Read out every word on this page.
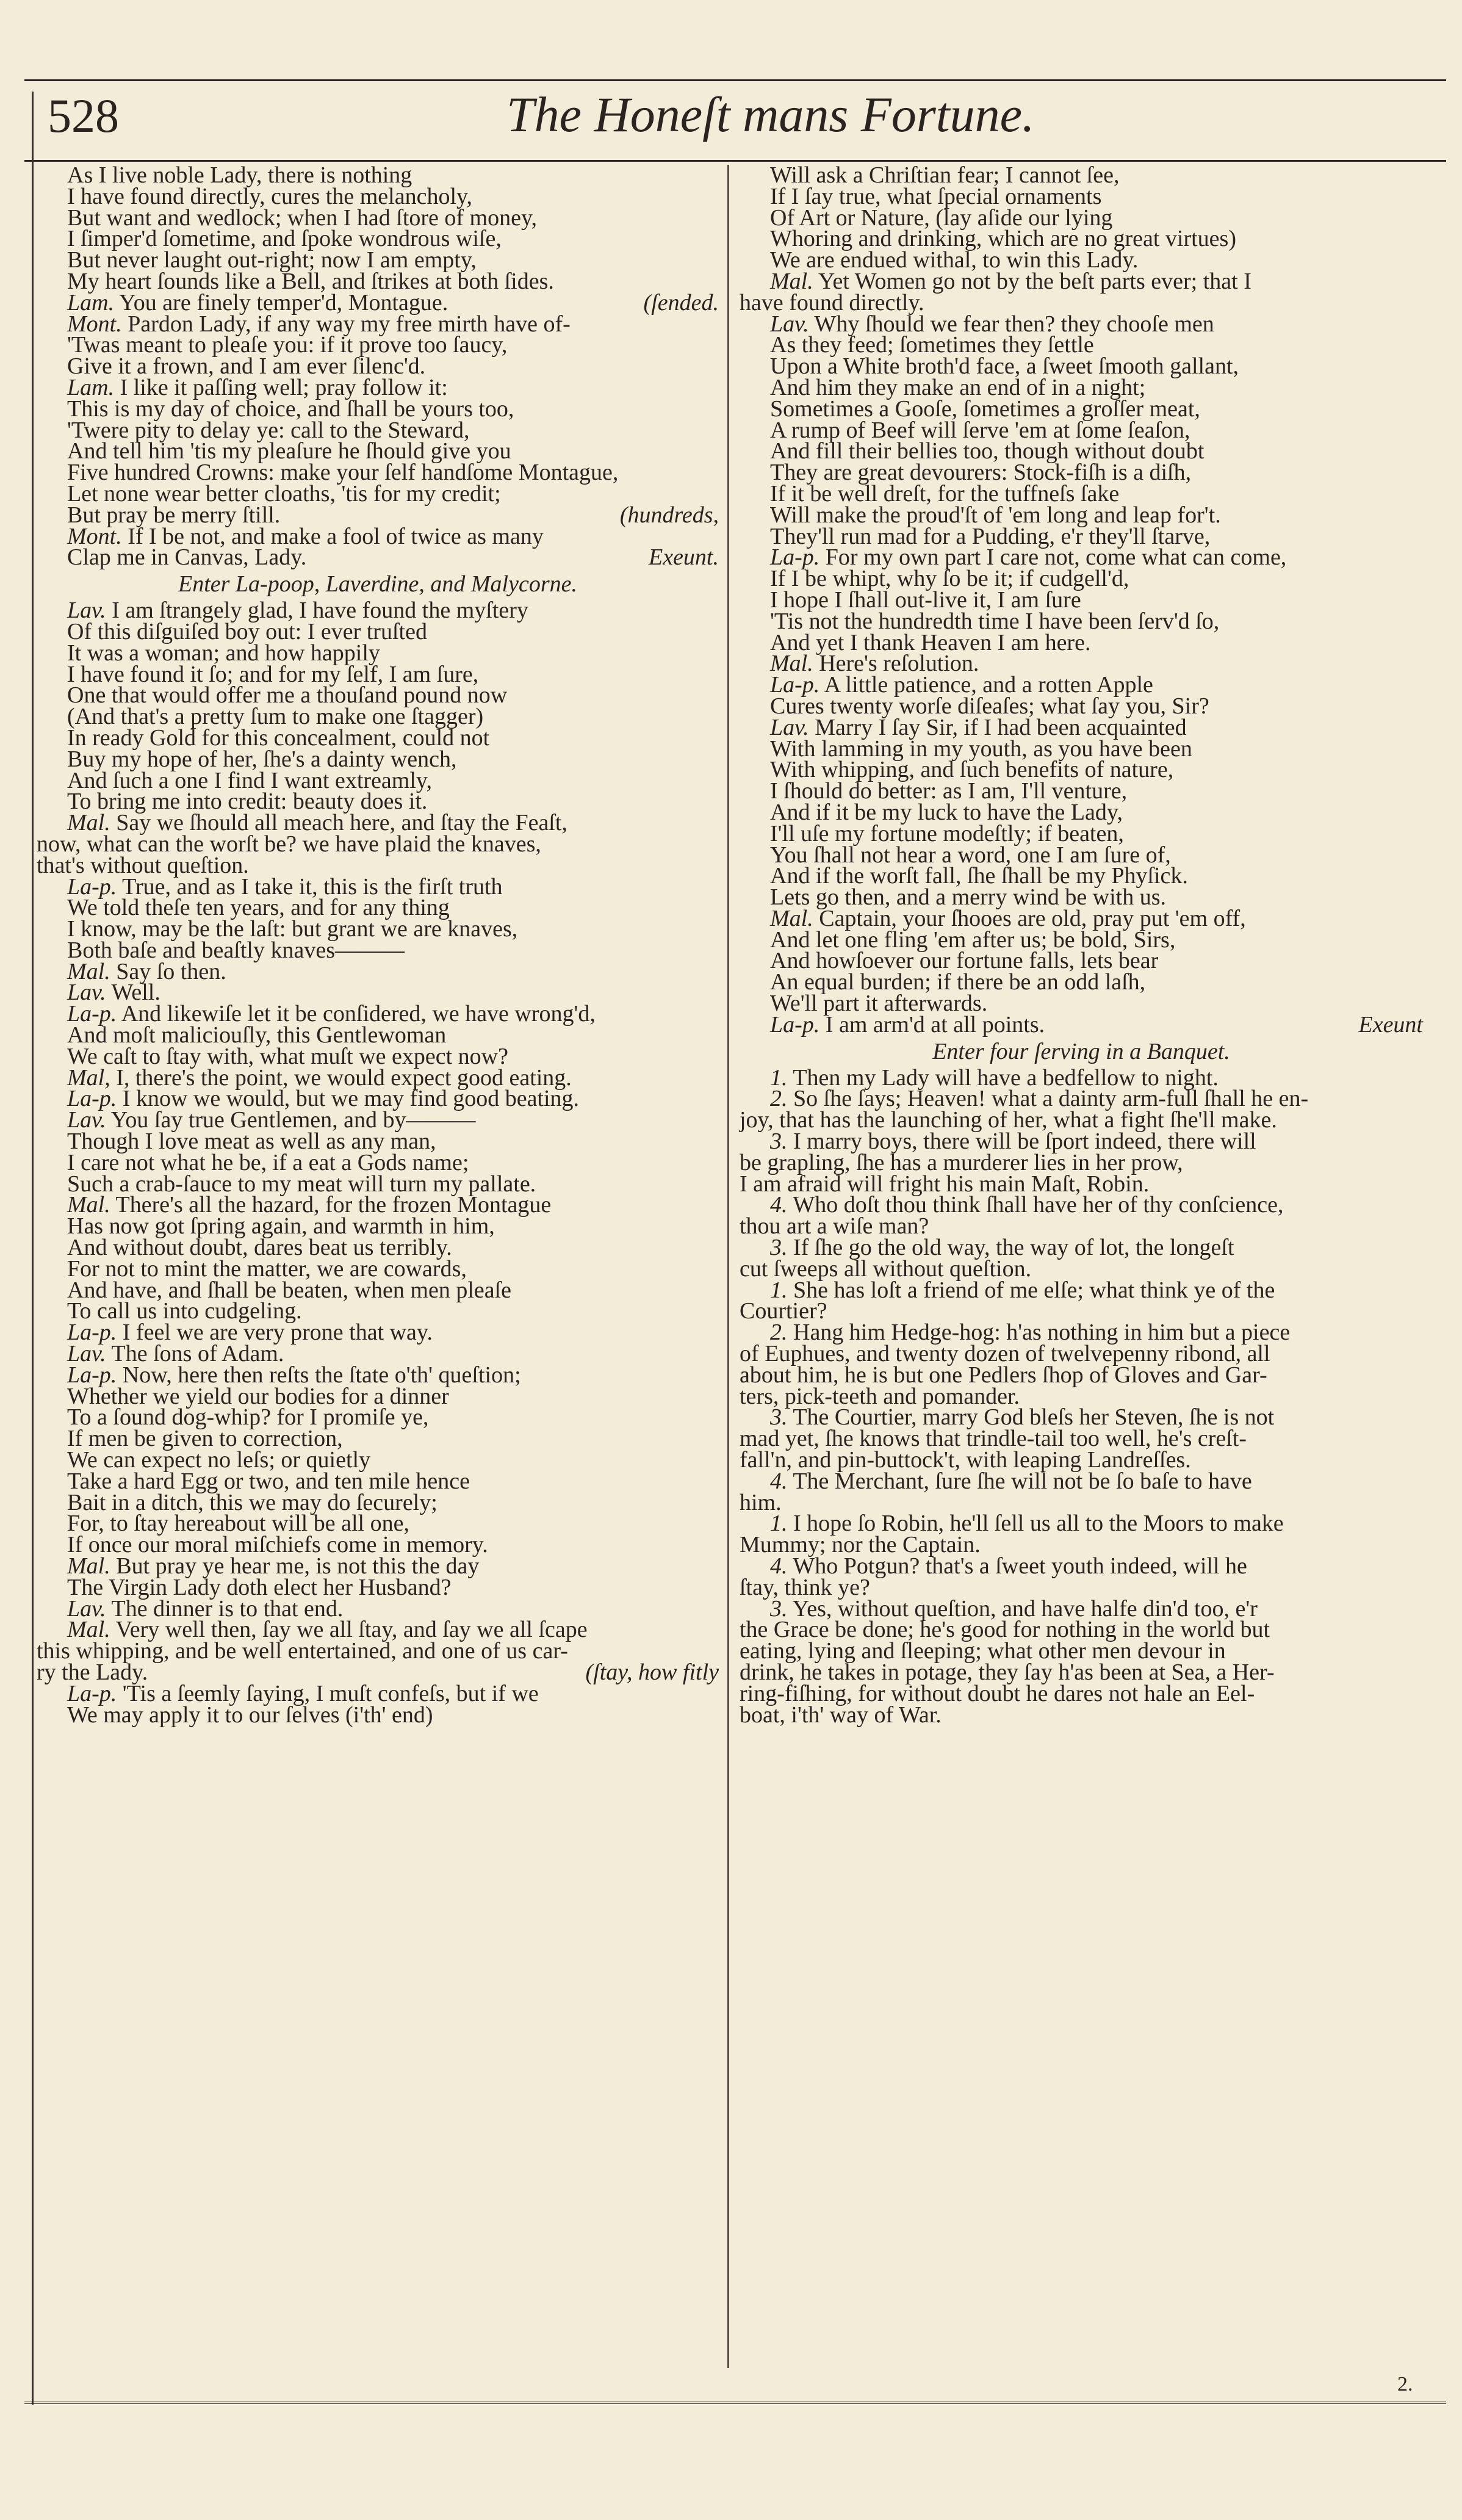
528	The Honeſt mans Fortune.
As I live noble Lady, there is nothing
I have found directly, cures the melancholy,
But want and wedlock; when I had ſtore of money,
I ſimper'd ſometime, and ſpoke wondrous wiſe,
But never laught out-right; now I am empty,
My heart ſounds like a Bell, and ſtrikes at both ſides.
Lam. You are finely temper'd, Montague.	(ſended.
Mont. Pardon Lady, if any way my free mirth have of-
'Twas meant to pleaſe you: if it prove too ſaucy,
Give it a frown, and I am ever ſilenc'd.
Lam. I like it paſſing well; pray follow it:
This is my day of choice, and ſhall be yours too,
'Twere pity to delay ye: call to the Steward,
And tell him 'tis my pleaſure he ſhould give you
Five hundred Crowns: make your ſelf handſome Montague,
Let none wear better cloaths, 'tis for my credit;
But pray be merry ſtill.	(hundreds,
Mont. If I be not, and make a fool of twice as many
Clap me in Canvas, Lady.	Exeunt.
Enter La-poop, Laverdine, and Malycorne.
Lav. I am ſtrangely glad, I have found the myſtery
Of this diſguiſed boy out: I ever truſted
It was a woman; and how happily
I have found it ſo; and for my ſelf, I am ſure,
One that would offer me a thouſand pound now
(And that's a pretty ſum to make one ſtagger)
In ready Gold for this concealment, could not
Buy my hope of her, ſhe's a dainty wench,
And ſuch a one I find I want extreamly,
To bring me into credit: beauty does it.
Mal. Say we ſhould all meach here, and ſtay the Feaſt,
now, what can the worſt be? we have plaid the knaves,
that's without queſtion.
La-p. True, and as I take it, this is the firſt truth
We told theſe ten years, and for any thing
I know, may be the laſt: but grant we are knaves,
Both baſe and beaſtly knaves———
Mal. Say ſo then.
Lav. Well.
La-p. And likewiſe let it be conſidered, we have wrong'd,
And moſt maliciouſly, this Gentlewoman
We caſt to ſtay with, what muſt we expect now?
Mal, I, there's the point, we would expect good eating.
La-p. I know we would, but we may find good beating.
Lav. You ſay true Gentlemen, and by———
Though I love meat as well as any man,
I care not what he be, if a eat a Gods name;
Such a crab-ſauce to my meat will turn my pallate.
Mal. There's all the hazard, for the frozen Montague
Has now got ſpring again, and warmth in him,
And without doubt, dares beat us terribly.
For not to mint the matter, we are cowards,
And have, and ſhall be beaten, when men pleaſe
To call us into cudgeling.
La-p. I feel we are very prone that way.
Lav. The ſons of Adam.
La-p. Now, here then reſts the ſtate o'th' queſtion;
Whether we yield our bodies for a dinner
To a ſound dog-whip? for I promiſe ye,
If men be given to correction,
We can expect no leſs; or quietly
Take a hard Egg or two, and ten mile hence
Bait in a ditch, this we may do ſecurely;
For, to ſtay hereabout will be all one,
If once our moral miſchiefs come in memory.
Mal. But pray ye hear me, is not this the day
The Virgin Lady doth elect her Husband?
Lav. The dinner is to that end.
Mal. Very well then, ſay we all ſtay, and ſay we all ſcape
this whipping, and be well entertained, and one of us car-
ry the Lady.	(ſtay, how fitly
La-p. 'Tis a ſeemly ſaying, I muſt confeſs, but if we
We may apply it to our ſelves (i'th' end)
Will ask a Chriſtian fear; I cannot ſee,
If I ſay true, what ſpecial ornaments
Of Art or Nature, (lay aſide our lying
Whoring and drinking, which are no great virtues)
We are endued withal, to win this Lady.
Mal. Yet Women go not by the beſt parts ever; that I
have found directly.
Lav. Why ſhould we fear then? they chooſe men
As they feed; ſometimes they ſettle
Upon a White broth'd face, a ſweet ſmooth gallant,
And him they make an end of in a night;
Sometimes a Gooſe, ſometimes a groſſer meat,
A rump of Beef will ſerve 'em at ſome ſeaſon,
And fill their bellies too, though without doubt
They are great devourers: Stock-fiſh is a diſh,
If it be well dreſt, for the tuffneſs ſake
Will make the proud'ſt of 'em long and leap for't.
They'll run mad for a Pudding, e'r they'll ſtarve,
La-p. For my own part I care not, come what can come,
If I be whipt, why ſo be it; if cudgell'd,
I hope I ſhall out-live it, I am ſure
'Tis not the hundredth time I have been ſerv'd ſo,
And yet I thank Heaven I am here.
Mal. Here's reſolution.
La-p. A little patience, and a rotten Apple
Cures twenty worſe diſeaſes; what ſay you, Sir?
Lav. Marry I ſay Sir, if I had been acquainted
With lamming in my youth, as you have been
With whipping, and ſuch benefits of nature,
I ſhould do better: as I am, I'll venture,
And if it be my luck to have the Lady,
I'll uſe my fortune modeſtly; if beaten,
You ſhall not hear a word, one I am ſure of,
And if the worſt fall, ſhe ſhall be my Phyſick.
Lets go then, and a merry wind be with us.
Mal. Captain, your ſhooes are old, pray put 'em off,
And let one fling 'em after us; be bold, Sirs,
And howſoever our fortune falls, lets bear
An equal burden; if there be an odd laſh,
We'll part it afterwards.
La-p. I am arm'd at all points.	Exeunt
Enter four ſerving in a Banquet.
1. Then my Lady will have a bedfellow to night.
2. So ſhe ſays; Heaven! what a dainty arm-full ſhall he en-
joy, that has the launching of her, what a fight ſhe'll make.
3. I marry boys, there will be ſport indeed, there will
be grapling, ſhe has a murderer lies in her prow,
I am afraid will fright his main Maſt, Robin.
4. Who doſt thou think ſhall have her of thy conſcience,
thou art a wiſe man?
3. If ſhe go the old way, the way of lot, the longeſt
cut ſweeps all without queſtion.
1. She has loſt a friend of me elſe; what think ye of the
Courtier?
2. Hang him Hedge-hog: h'as nothing in him but a piece
of Euphues, and twenty dozen of twelvepenny ribond, all
about him, he is but one Pedlers ſhop of Gloves and Gar-
ters, pick-teeth and pomander.
3. The Courtier, marry God bleſs her Steven, ſhe is not
mad yet, ſhe knows that trindle-tail too well, he's creſt-
fall'n, and pin-buttock't, with leaping Landreſſes.
4. The Merchant, ſure ſhe will not be ſo baſe to have
him.
1. I hope ſo Robin, he'll ſell us all to the Moors to make
Mummy; nor the Captain.
4. Who Potgun? that's a ſweet youth indeed, will he
ſtay, think ye?
3. Yes, without queſtion, and have halfe din'd too, e'r
the Grace be done; he's good for nothing in the world but
eating, lying and ſleeping; what other men devour in
drink, he takes in potage, they ſay h'as been at Sea, a Her-
ring-fiſhing, for without doubt he dares not hale an Eel-
boat, i'th' way of War.
2.
